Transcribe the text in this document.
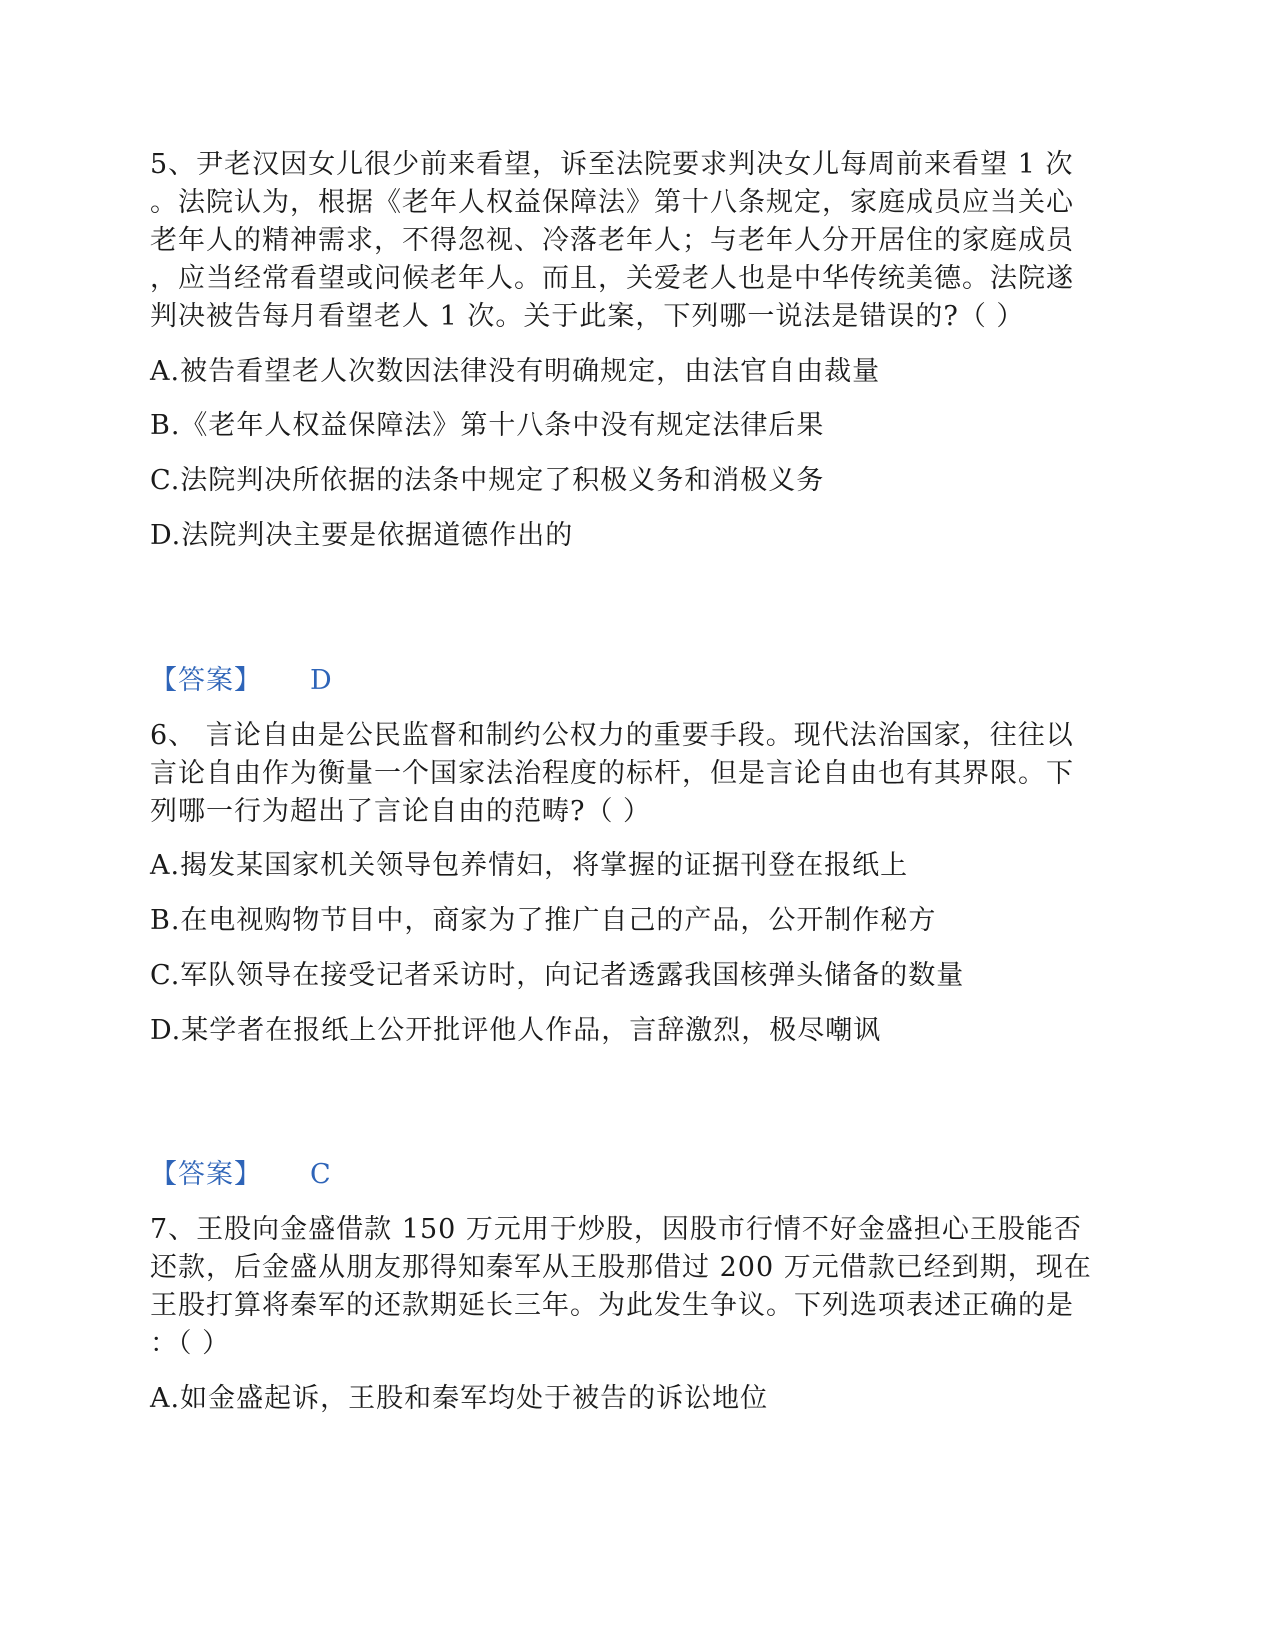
5、尹老汉因女儿很少前来看望，诉至法院要求判决女儿每周前来看望 1 次
。法院认为，根据《老年人权益保障法》第十八条规定，家庭成员应当关心
老年人的精神需求，不得忽视、冷落老年人；与老年人分开居住的家庭成员
，应当经常看望或问候老年人。而且，关爱老人也是中华传统美德。法院遂
判决被告每月看望老人 1 次。关于此案，下列哪一说法是错误的?（ ）
A.被告看望老人次数因法律没有明确规定，由法官自由裁量
B.《老年人权益保障法》第十八条中没有规定法律后果
C.法院判决所依据的法条中规定了积极义务和消极义务
D.法院判决主要是依据道德作出的
【答案】 D
6、 言论自由是公民监督和制约公权力的重要手段。现代法治国家，往往以
言论自由作为衡量一个国家法治程度的标杆，但是言论自由也有其界限。下
列哪一行为超出了言论自由的范畴?（ ）
A.揭发某国家机关领导包养情妇，将掌握的证据刊登在报纸上
B.在电视购物节目中，商家为了推广自己的产品，公开制作秘方
C.军队领导在接受记者采访时，向记者透露我国核弹头储备的数量
D.某学者在报纸上公开批评他人作品，言辞激烈，极尽嘲讽
【答案】 C
7、王股向金盛借款 150 万元用于炒股，因股市行情不好金盛担心王股能否
还款，后金盛从朋友那得知秦军从王股那借过 200 万元借款已经到期，现在
王股打算将秦军的还款期延长三年。为此发生争议。下列选项表述正确的是
：（ ）
A.如金盛起诉，王股和秦军均处于被告的诉讼地位
